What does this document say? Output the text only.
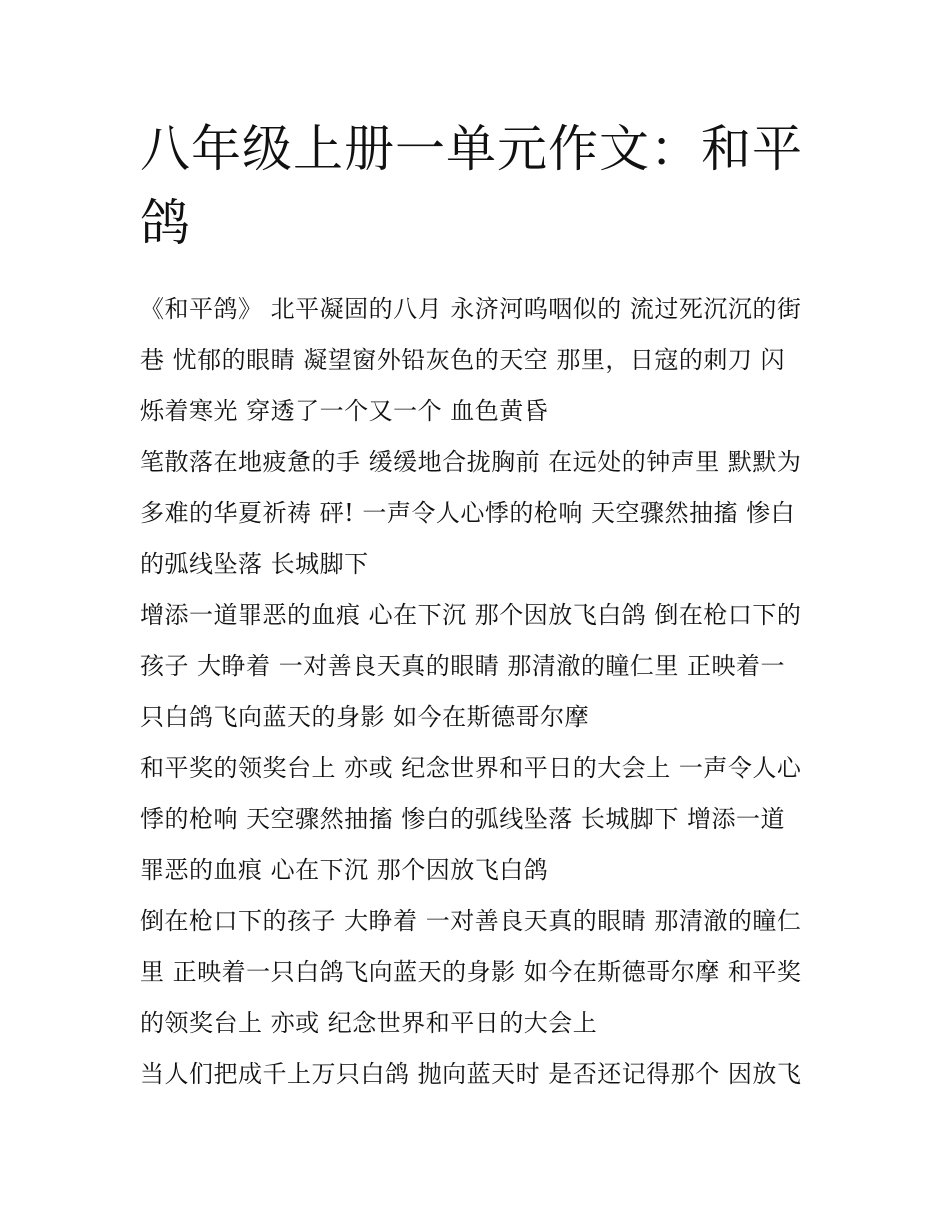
八年级上册一单元作文：和平
鸽

《和平鸽》 北平凝固的八月 永济河呜咽似的 流过死沉沉的街
巷 忧郁的眼睛 凝望窗外铅灰色的天空 那里，日寇的刺刀 闪
烁着寒光 穿透了一个又一个 血色黄昏

笔散落在地疲惫的手 缓缓地合拢胸前 在远处的钟声里 默默为
多难的华夏祈祷 砰! 一声令人心悸的枪响 天空骤然抽搐 惨白
的弧线坠落 长城脚下

增添一道罪恶的血痕 心在下沉 那个因放飞白鸽 倒在枪口下的
孩子 大睁着 一对善良天真的眼睛 那清澈的瞳仁里 正映着一
只白鸽飞向蓝天的身影 如今在斯德哥尔摩

和平奖的领奖台上 亦或 纪念世界和平日的大会上 一声令人心
悸的枪响 天空骤然抽搐 惨白的弧线坠落 长城脚下 增添一道
罪恶的血痕 心在下沉 那个因放飞白鸽

倒在枪口下的孩子 大睁着 一对善良天真的眼睛 那清澈的瞳仁
里 正映着一只白鸽飞向蓝天的身影 如今在斯德哥尔摩 和平奖
的领奖台上 亦或 纪念世界和平日的大会上

当人们把成千上万只白鸽 抛向蓝天时 是否还记得那个 因放飞
